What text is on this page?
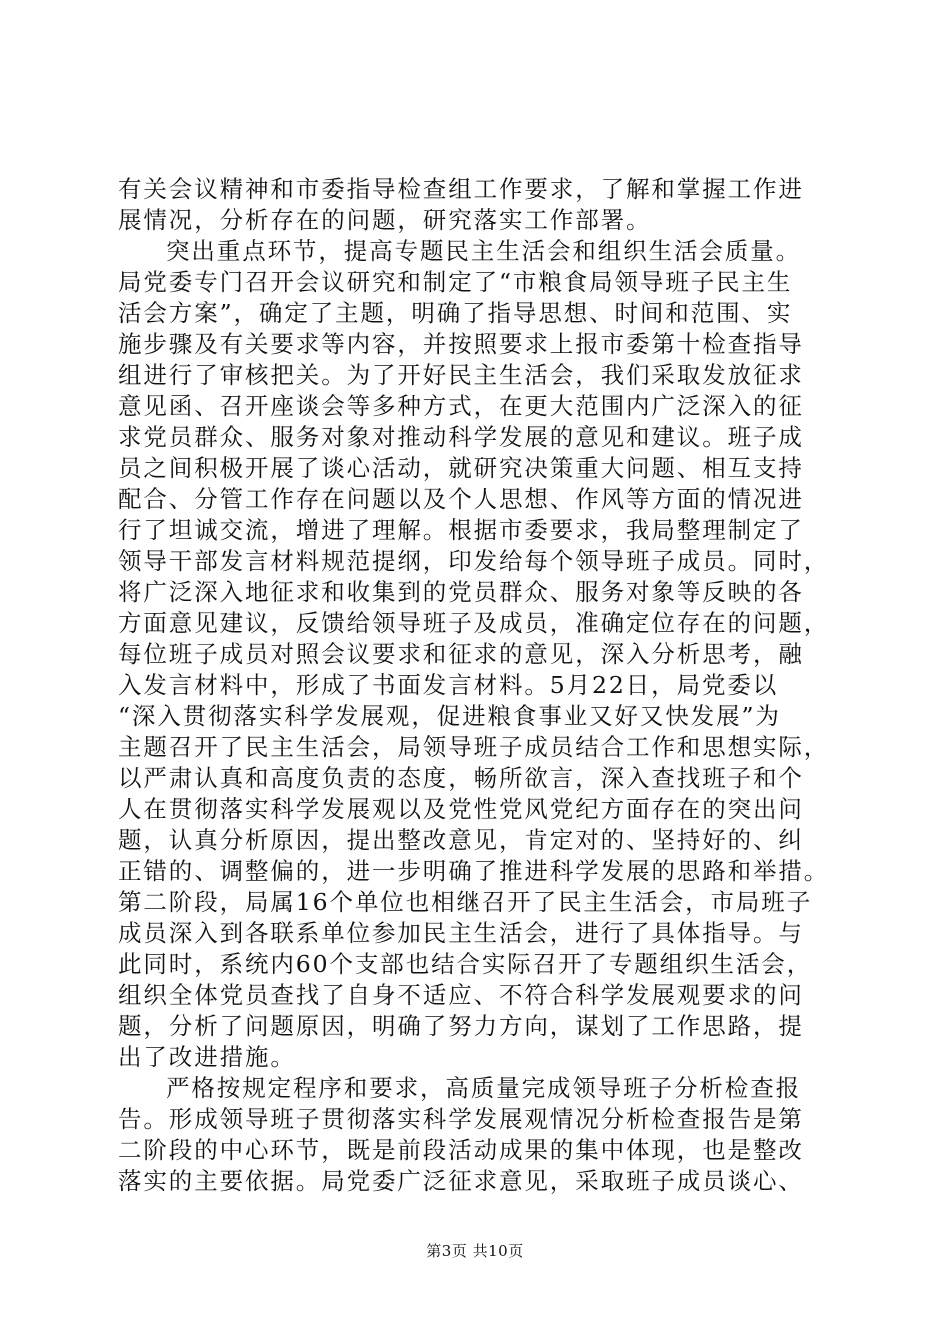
有关会议精神和市委指导检查组工作要求，了解和掌握工作进
展情况，分析存在的问题，研究落实工作部署。
突出重点环节，提高专题民主生活会和组织生活会质量。
局党委专门召开会议研究和制定了“市粮食局领导班子民主生
活会方案”，确定了主题，明确了指导思想、时间和范围、实
施步骤及有关要求等内容，并按照要求上报市委第十检查指导
组进行了审核把关。为了开好民主生活会，我们采取发放征求
意见函、召开座谈会等多种方式，在更大范围内广泛深入的征
求党员群众、服务对象对推动科学发展的意见和建议。班子成
员之间积极开展了谈心活动，就研究决策重大问题、相互支持
配合、分管工作存在问题以及个人思想、作风等方面的情况进
行了坦诚交流，增进了理解。根据市委要求，我局整理制定了
领导干部发言材料规范提纲，印发给每个领导班子成员。同时，
将广泛深入地征求和收集到的党员群众、服务对象等反映的各
方面意见建议，反馈给领导班子及成员，准确定位存在的问题，
每位班子成员对照会议要求和征求的意见，深入分析思考，融
入发言材料中，形成了书面发言材料。5月22日，局党委以
“深入贯彻落实科学发展观，促进粮食事业又好又快发展”为
主题召开了民主生活会，局领导班子成员结合工作和思想实际，
以严肃认真和高度负责的态度，畅所欲言，深入查找班子和个
人在贯彻落实科学发展观以及党性党风党纪方面存在的突出问
题，认真分析原因，提出整改意见，肯定对的、坚持好的、纠
正错的、调整偏的，进一步明确了推进科学发展的思路和举措。
第二阶段，局属16个单位也相继召开了民主生活会，市局班子
成员深入到各联系单位参加民主生活会，进行了具体指导。与
此同时，系统内60个支部也结合实际召开了专题组织生活会，
组织全体党员查找了自身不适应、不符合科学发展观要求的问
题，分析了问题原因，明确了努力方向，谋划了工作思路，提
出了改进措施。
严格按规定程序和要求，高质量完成领导班子分析检查报
告。形成领导班子贯彻落实科学发展观情况分析检查报告是第
二阶段的中心环节，既是前段活动成果的集中体现，也是整改
落实的主要依据。局党委广泛征求意见，采取班子成员谈心、
第3页 共10页
